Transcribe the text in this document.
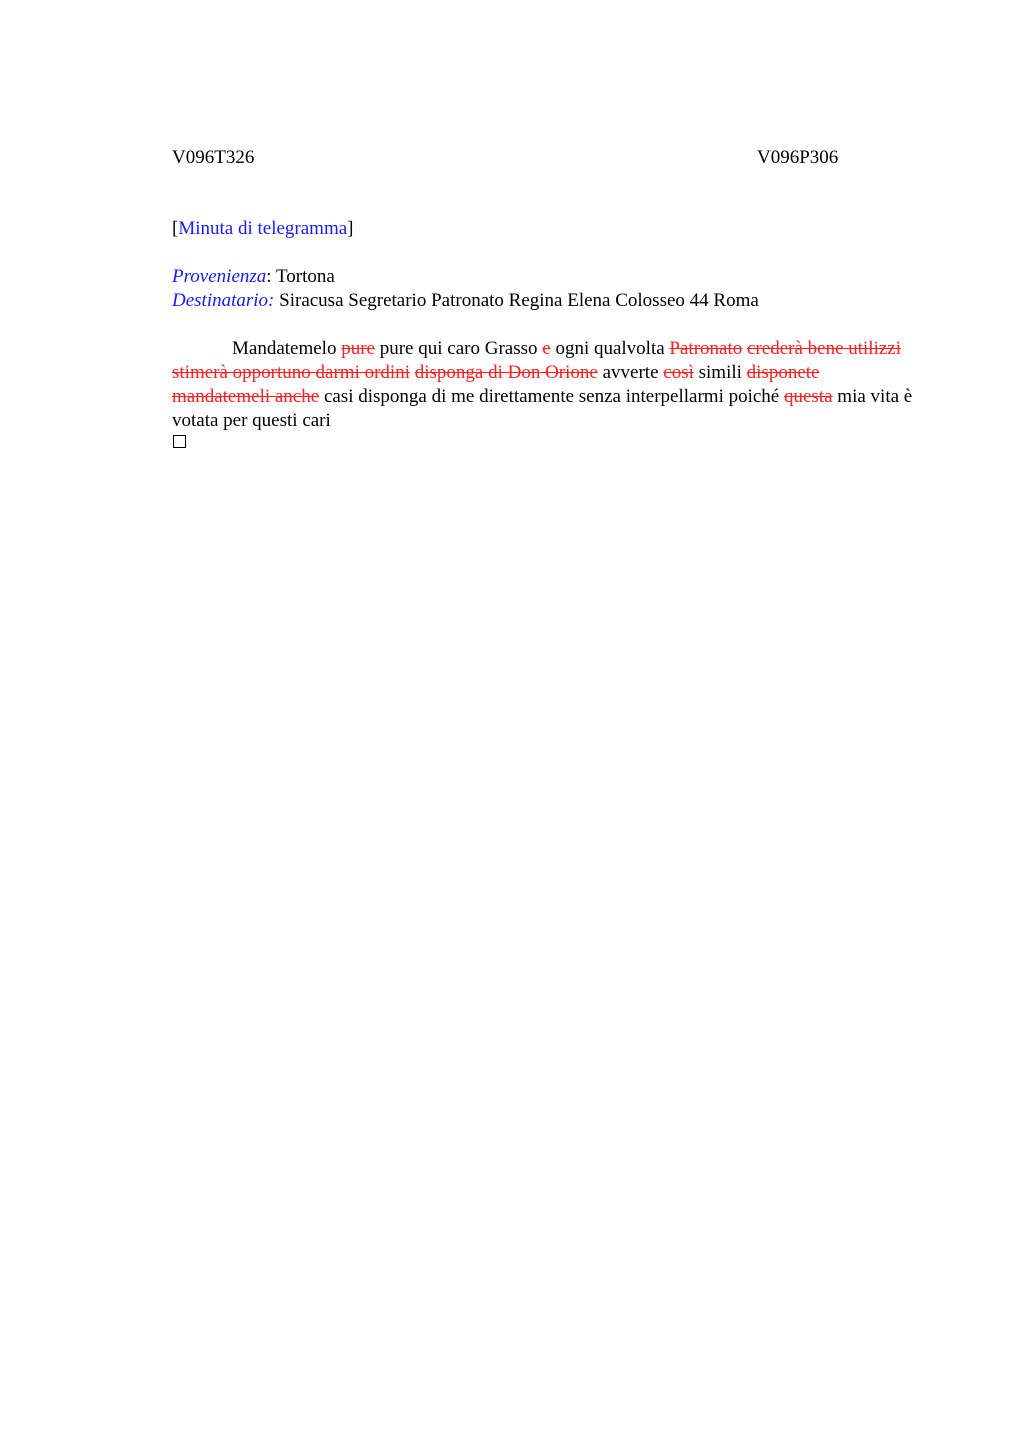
V096T326	V096P306
[Minuta di telegramma]
Provenienza: Tortona
Destinatario: Siracusa Segretario Patronato Regina Elena Colosseo 44 Roma
Mandatemelo pure pure qui caro Grasso e ogni qualvolta Patronato crederà bene utilizzi stimerà opportuno darmi ordini disponga di Don Orione avverte così simili disponete mandatemeli anche casi disponga di me direttamente senza interpellarmi poiché questa mia vita è votata per questi cari
